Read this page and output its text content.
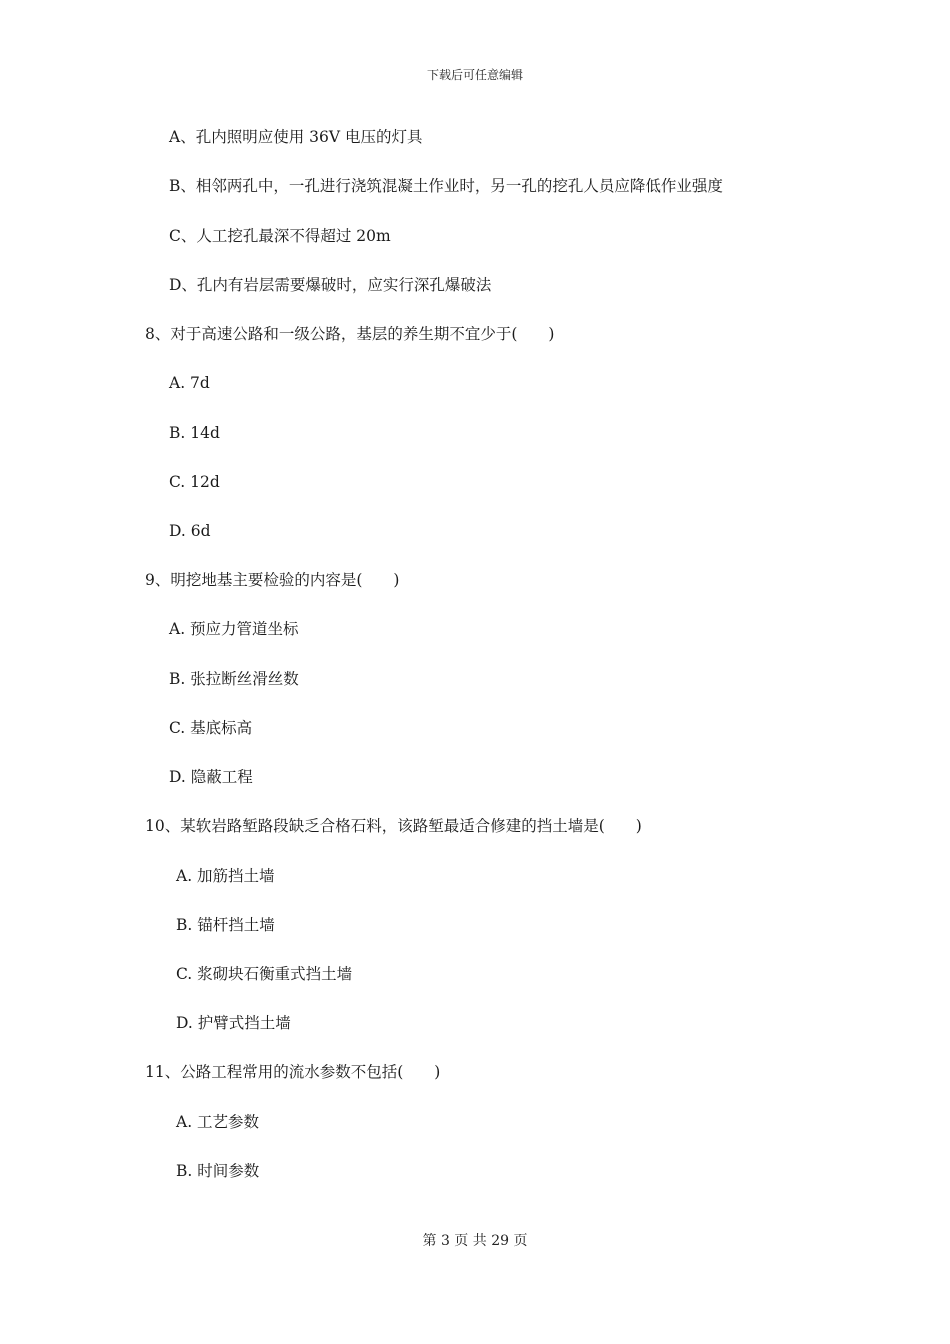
下载后可任意编辑
A、孔内照明应使用 36V 电压的灯具
B、相邻两孔中，一孔进行浇筑混凝土作业时，另一孔的挖孔人员应降低作业强度
C、人工挖孔最深不得超过 20m
D、孔内有岩层需要爆破时，应实行深孔爆破法
8、对于高速公路和一级公路，基层的养生期不宜少于(　　)
A. 7d
B. 14d
C. 12d
D. 6d
9、明挖地基主要检验的内容是(　　)
A. 预应力管道坐标
B. 张拉断丝滑丝数
C. 基底标高
D. 隐蔽工程
10、某软岩路堑路段缺乏合格石料，该路堑最适合修建的挡土墙是(　　)
A. 加筋挡土墙
B. 锚杆挡土墙
C. 浆砌块石衡重式挡土墙
D. 护臂式挡土墙
11、公路工程常用的流水参数不包括(　　)
A. 工艺参数
B. 时间参数
第 3 页 共 29 页
